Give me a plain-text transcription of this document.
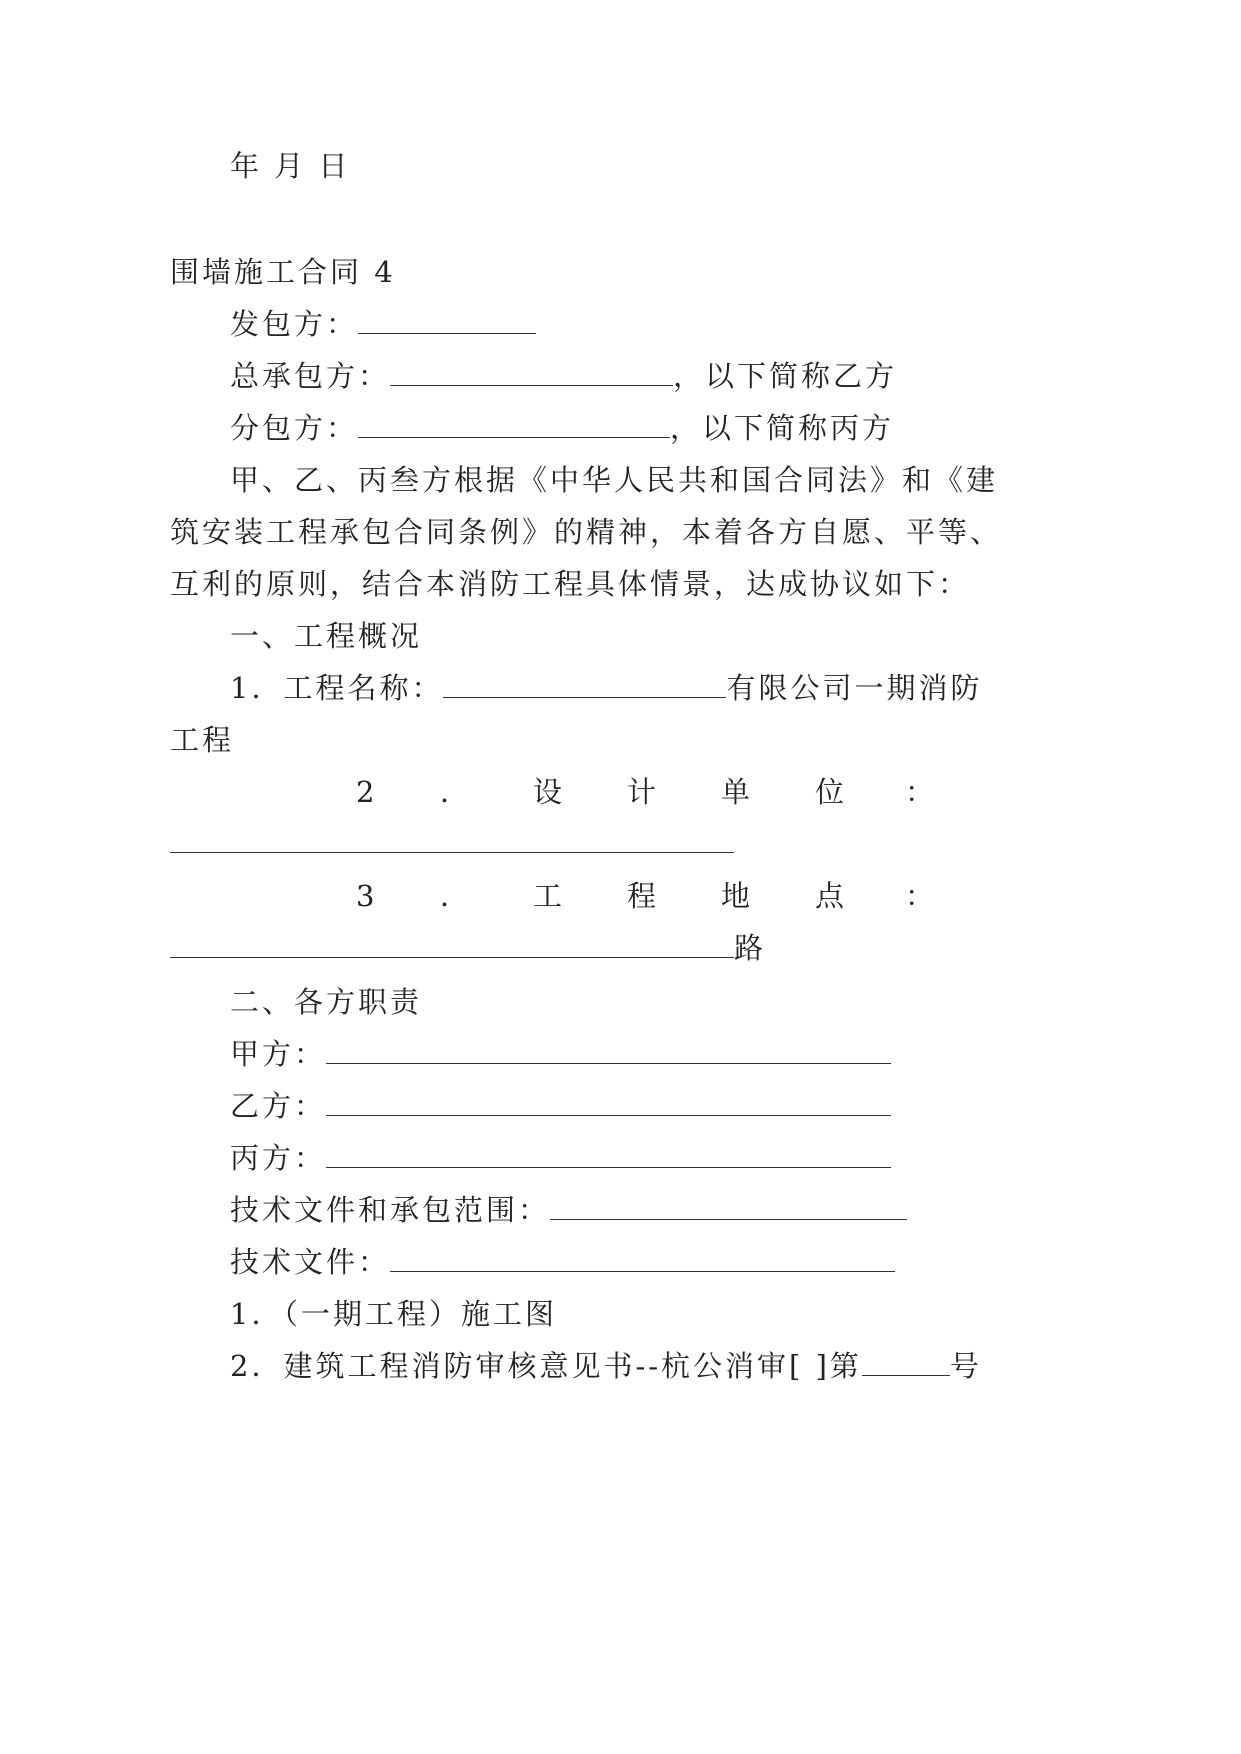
年 月 日
围墙施工合同 4
发包方：
总承包方：	，以下简称乙方
分包方：	，以下简称丙方
甲、乙、丙叁方根据《中华人民共和国合同法》和《建
筑安装工程承包合同条例》的精神，本着各方自愿、平等、
互利的原则，结合本消防工程具体情景，达成协议如下：
一、工程概况
1．工程名称：	有限公司一期消防
工程
2 ． 设 计 单 位 ：
3 ． 工 程 地 点 ：
路
二、各方职责
甲方：
乙方：
丙方：
技术文件和承包范围：
技术文件：
1．（一期工程）施工图
2．建筑工程消防审核意见书--杭公消审[ ]第	号
